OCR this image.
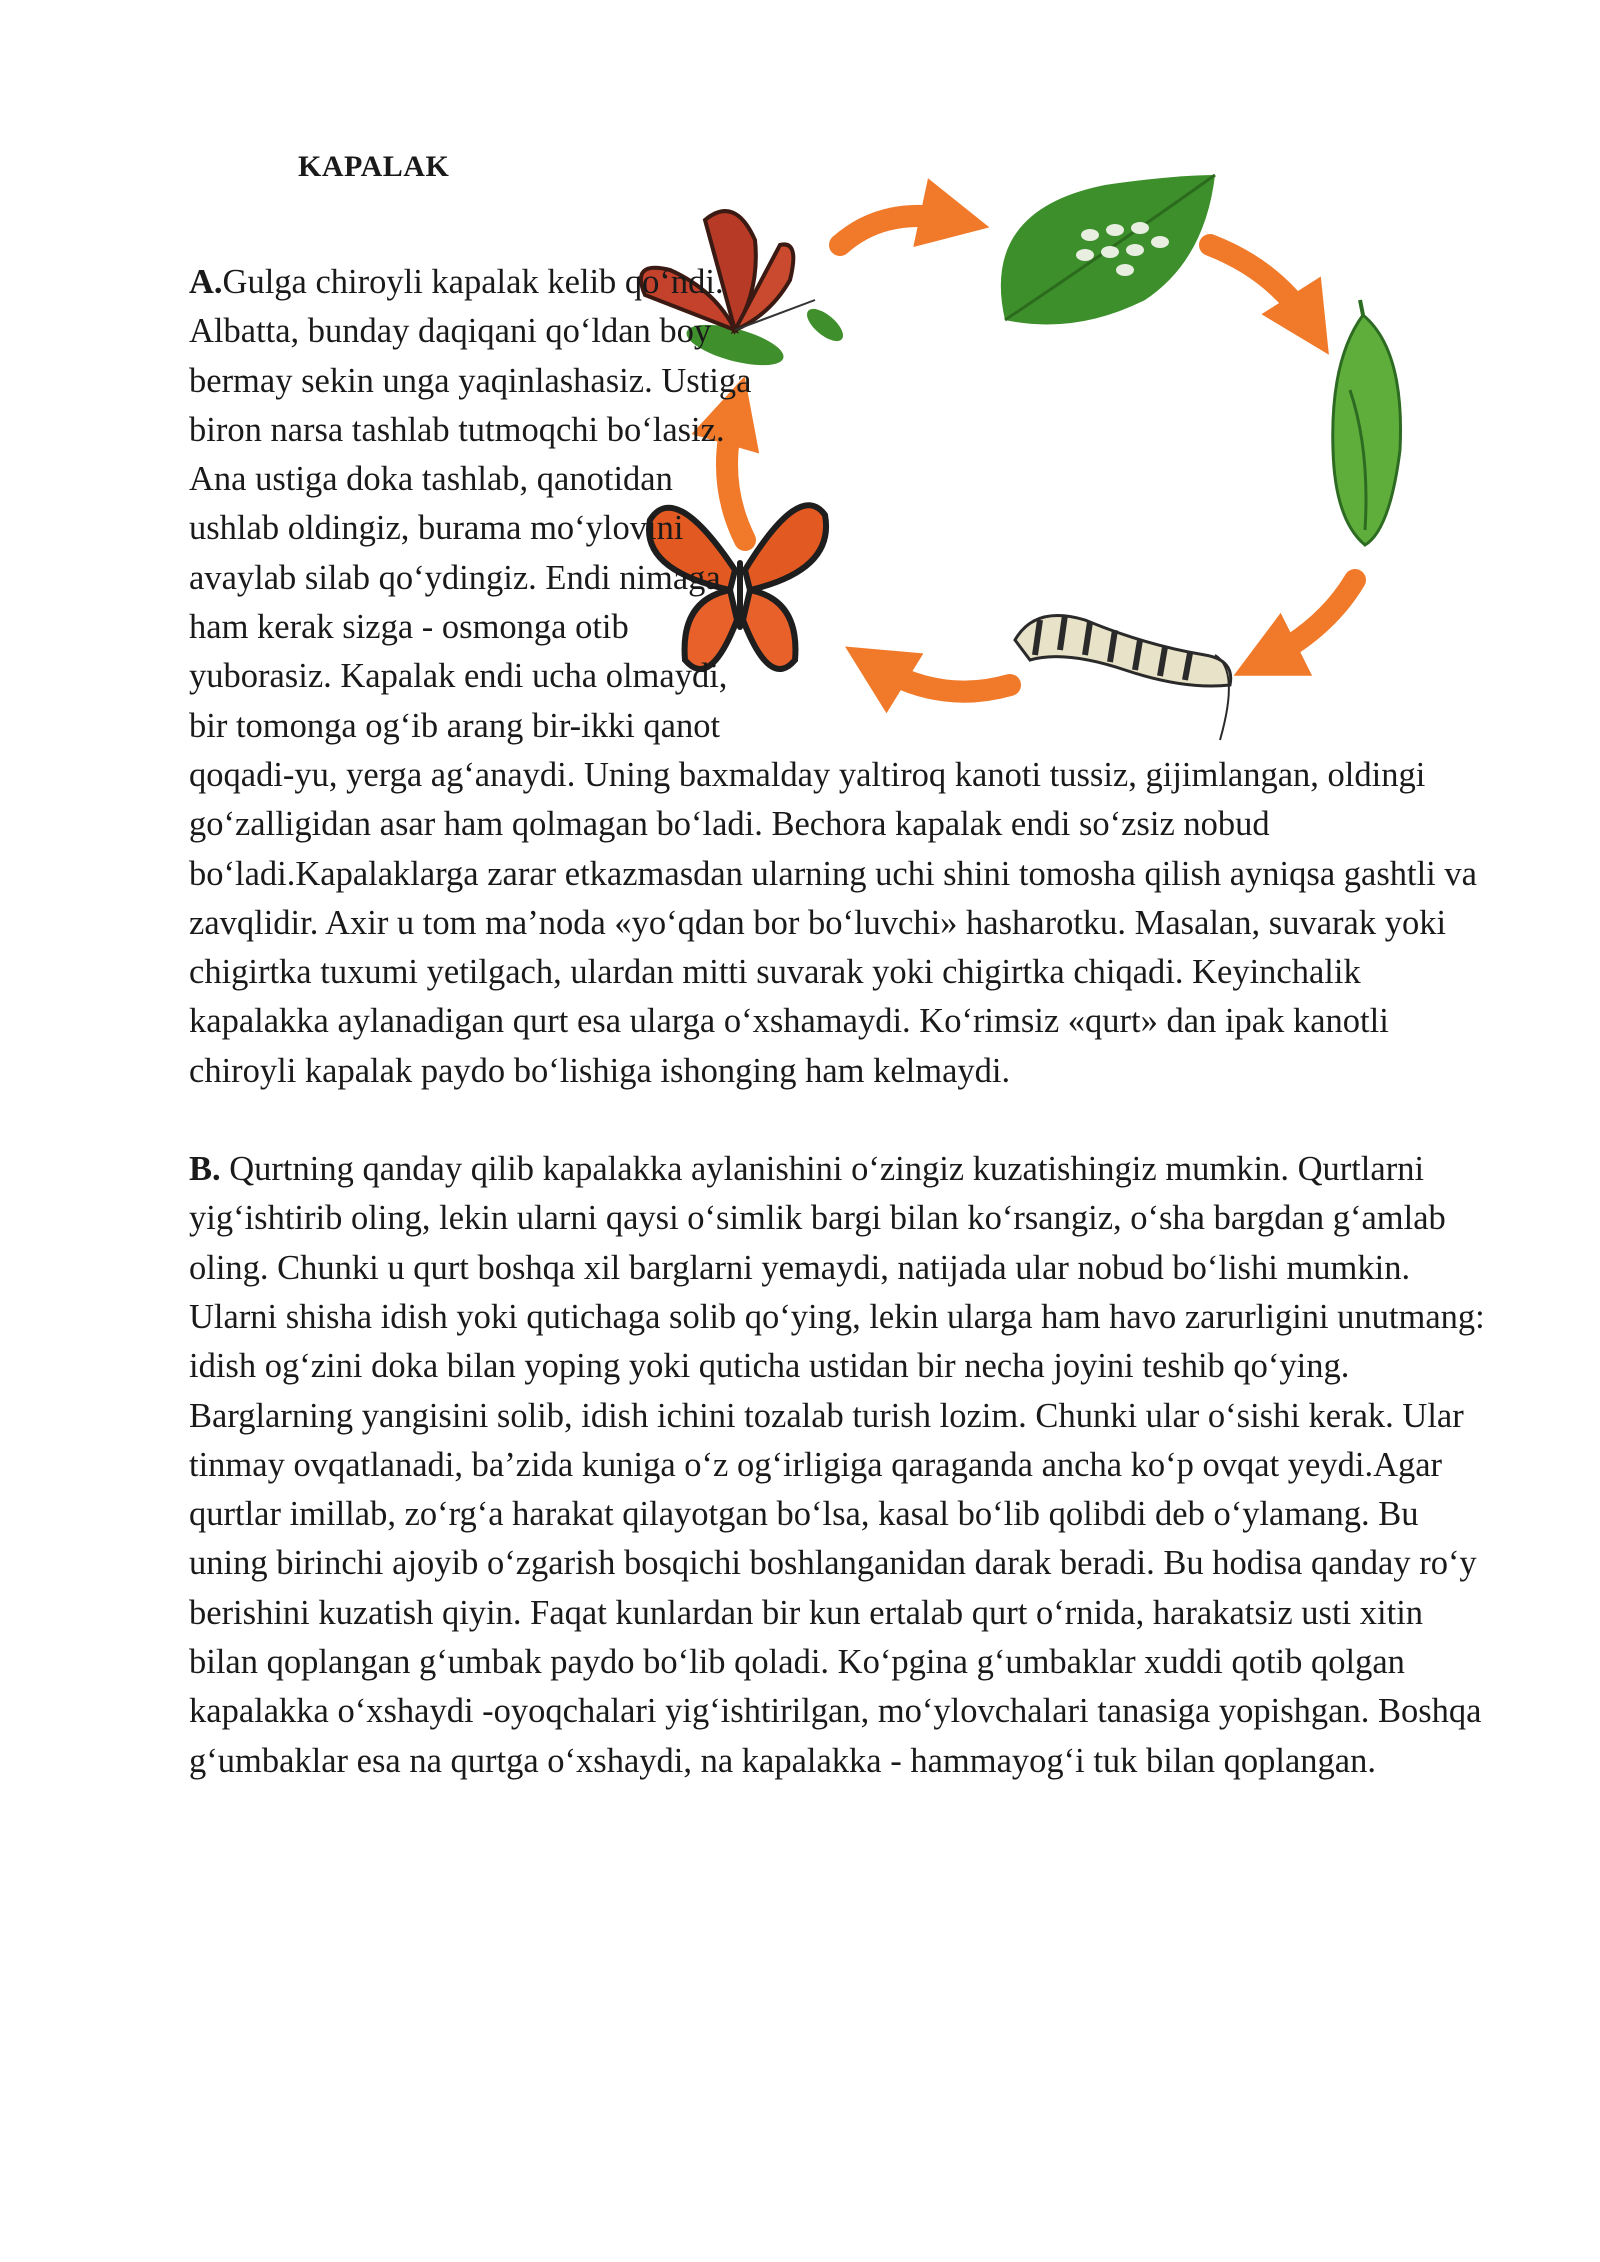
KAPALAK

A.Gulga chiroyli kapalak kelib qo‘ndi. Albatta, bunday daqiqani qo‘ldan boy bermay sekin unga yaqinlashasiz. Ustiga biron narsa tashlab tutmoqchi bo‘lasiz. Ana ustiga doka tashlab, qanotidan ushlab oldingiz, burama mo‘ylovini avaylab silab qo‘ydingiz. Endi nimaga ham kerak sizga - osmonga otib yuborasiz. Kapalak endi ucha olmaydi, bir tomonga og‘ib arang bir-ikki qanot qoqadi-yu, yerga ag‘anaydi. Uning baxmalday yaltiroq kanoti tussiz, gijimlangan, oldingi go‘zalligidan asar ham qolmagan bo‘ladi. Bechora kapalak endi so‘zsiz nobud bo‘ladi.Kapalaklarga zarar etkazmasdan ularning uchi shini tomosha qilish ayniqsa gashtli va zavqlidir. Axir u tom ma’noda «yo‘qdan bor bo‘luvchi» hasharotku. Masalan, suvarak yoki chigirtka tuxumi yetilgach, ulardan mitti suvarak yoki chigirtka chiqadi. Keyinchalik kapalakka aylanadigan qurt esa ularga o‘xshamaydi. Ko‘rimsiz «qurt» dan ipak kanotli chiroyli kapalak paydo bo‘lishiga ishonging ham kelmaydi.

B. Qurtning qanday qilib kapalakka aylanishini o‘zingiz kuzatishingiz mumkin. Qurtlarni yig‘ishtirib oling, lekin ularni qaysi o‘simlik bargi bilan ko‘rsangiz, o‘sha bargdan g‘amlab oling. Chunki u qurt boshqa xil barglarni yemaydi, natijada ular nobud bo‘lishi mumkin. Ularni shisha idish yoki qutichaga solib qo‘ying, lekin ularga ham havo zarurligini unutmang: idish og‘zini doka bilan yoping yoki quticha ustidan bir necha joyini teshib qo‘ying. Barglarning yangisini solib, idish ichini tozalab turish lozim. Chunki ular o‘sishi kerak. Ular tinmay ovqatlanadi, ba’zida kuniga o‘z og‘irligiga qaraganda ancha ko‘p ovqat yeydi.Agar qurtlar imillab, zo‘rg‘a harakat qilayotgan bo‘lsa, kasal bo‘lib qolibdi deb o‘ylamang. Bu uning birinchi ajoyib o‘zgarish bosqichi boshlanganidan darak beradi. Bu hodisa qanday ro‘y berishini kuzatish qiyin. Faqat kunlardan bir kun ertalab qurt o‘rnida, harakatsiz usti xitin bilan qoplangan g‘umbak paydo bo‘lib qoladi. Ko‘pgina g‘umbaklar xuddi qotib qolgan kapalakka o‘xshaydi -oyoqchalari yig‘ishtirilgan, mo‘ylovchalari tanasiga yopishgan. Boshqa g‘umbaklar esa na qurtga o‘xshaydi, na kapalakka - hammayog‘i tuk bilan qoplangan.
